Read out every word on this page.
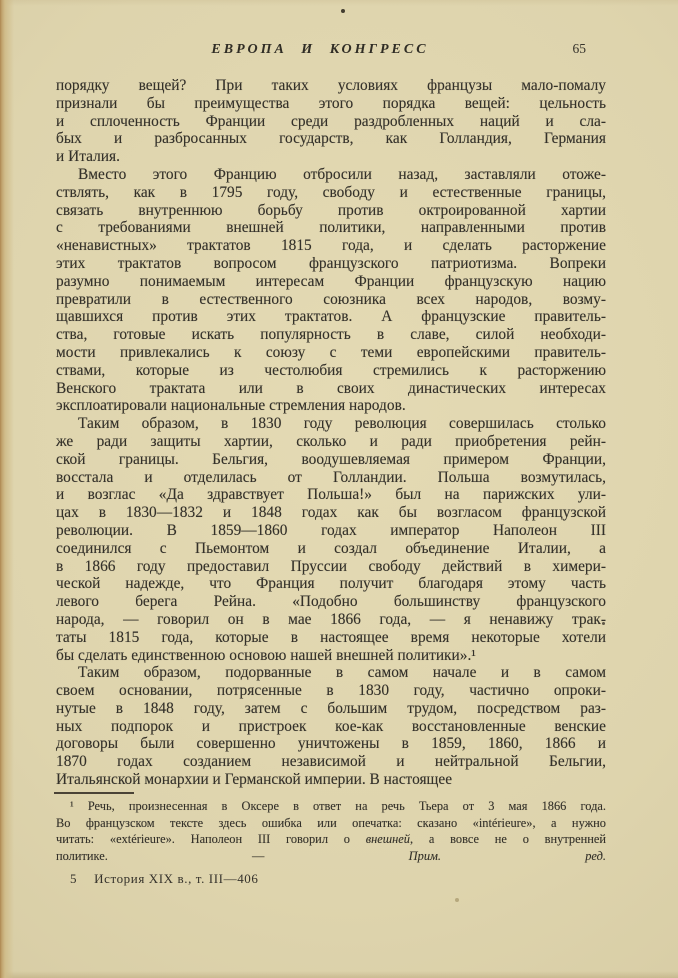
ЕВРОПА И КОНГРЕСС	65
порядку вещей? При таких условиях французы мало-помалу
признали бы преимущества этого порядка вещей: цельность
и сплоченность Франции среди раздробленных наций и сла-
бых и разбросанных государств, как Голландия, Германия
и Италия.
Вместо этого Францию отбросили назад, заставляли отоже-
ствлять, как в 1795 году, свободу и естественные границы,
связать внутреннюю борьбу против октроированной хартии
с требованиями внешней политики, направленными против
«ненавистных» трактатов 1815 года, и сделать расторжение
этих трактатов вопросом французского патриотизма. Вопреки
разумно понимаемым интересам Франции французскую нацию
превратили в естественного союзника всех народов, возму-
щавшихся против этих трактатов. А французские правитель-
ства, готовые искать популярность в славе, силой необходи-
мости привлекались к союзу с теми европейскими правитель-
ствами, которые из честолюбия стремились к расторжению
Венского трактата или в своих династических интересах
эксплоатировали национальные стремления народов.
Таким образом, в 1830 году революция совершилась столько
же ради защиты хартии, сколько и ради приобретения рейн-
ской границы. Бельгия, воодушевляемая примером Франции,
восстала и отделилась от Голландии. Польша возмутилась,
и возглас «Да здравствует Польша!» был на парижских ули-
цах в 1830—1832 и 1848 годах как бы возгласом французской
революции. В 1859—1860 годах император Наполеон III
соединился с Пьемонтом и создал объединение Италии, а
в 1866 году предоставил Пруссии свободу действий в химери-
ческой надежде, что Франция получит благодаря этому часть
левого берега Рейна. «Подобно большинству французского
народа, — говорил он в мае 1866 года, — я ненавижу трак-
таты 1815 года, которые в настоящее время некоторые хотели
бы сделать единственною основою нашей внешней политики».¹
Таким образом, подорванные в самом начале и в самом
своем основании, потрясенные в 1830 году, частично опроки-
нутые в 1848 году, затем с большим трудом, посредством раз-
ных подпорок и пристроек кое-как восстановленные венские
договоры были совершенно уничтожены в 1859, 1860, 1866 и
1870 годах созданием независимой и нейтральной Бельгии,
Итальянской монархии и Германской империи. В настоящее
¹ Речь, произнесенная в Оксере в ответ на речь Тьера от 3 мая 1866 года.
Во французском тексте здесь ошибка или опечатка: сказано «intérieure», а нужно
читать: «extérieure». Наполеон III говорил о внешней, а вовсе не о внутренней
политике. — Прим. ред.
5 История XIX в., т. III—406
